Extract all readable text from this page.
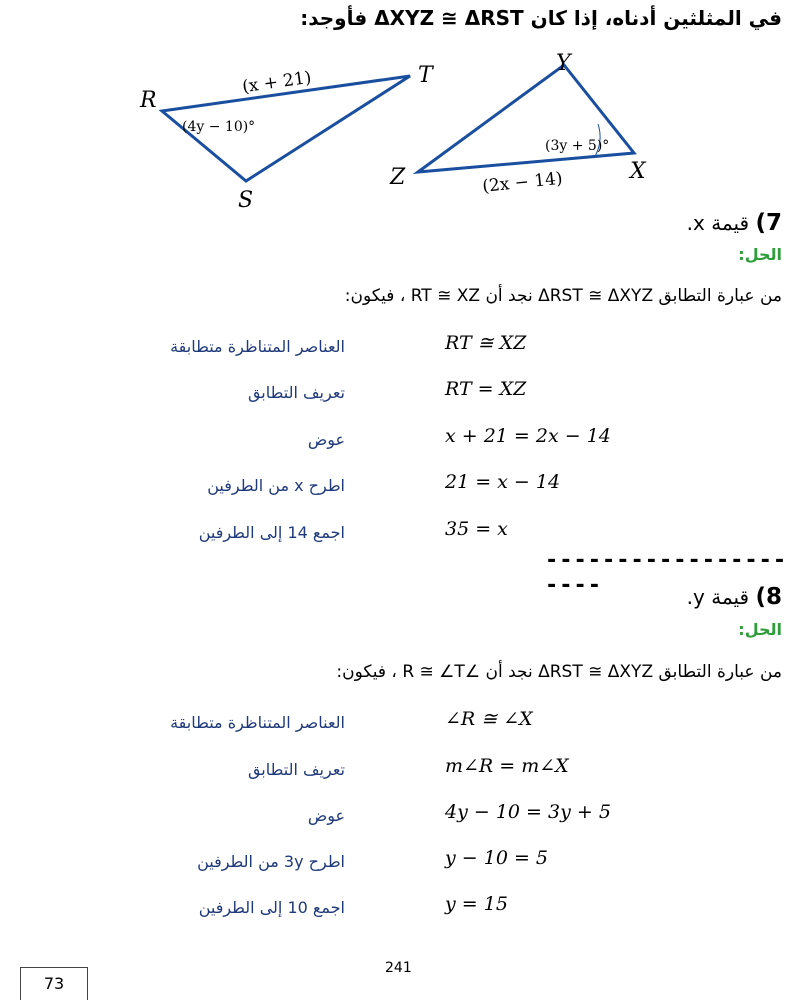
في المثلثين أدناه، إذا كان ΔXYZ ≅ ΔRST فأوجد:
R
T
S
(x + 21)
(4y − 10)°
Y
Z	X
(2x − 14)
(3y + 5)°
7) قيمة x.
الحل:
من عبارة التطابق ΔRST ≅ ΔXYZ نجد أن RT ≅ XZ ، فيكون:
العناصر المتناظرة متطابقة	RT ≅ XZ
تعريف التطابق	RT = XZ
عوض	x + 21 = 2x − 14
اطرح x من الطرفين	21 = x − 14
اجمع 14 إلى الطرفين	35 = x
---------------------	8) قيمة y.
الحل:
من عبارة التطابق ΔRST ≅ ΔXYZ نجد أن ∠R ≅ ∠T ، فيكون:
العناصر المتناظرة متطابقة	∠R ≅ ∠X
تعريف التطابق	m∠R = m∠X
عوض	4y − 10 = 3y + 5
اطرح 3y من الطرفين	y − 10 = 5
اجمع 10 إلى الطرفين	y = 15
241
73
